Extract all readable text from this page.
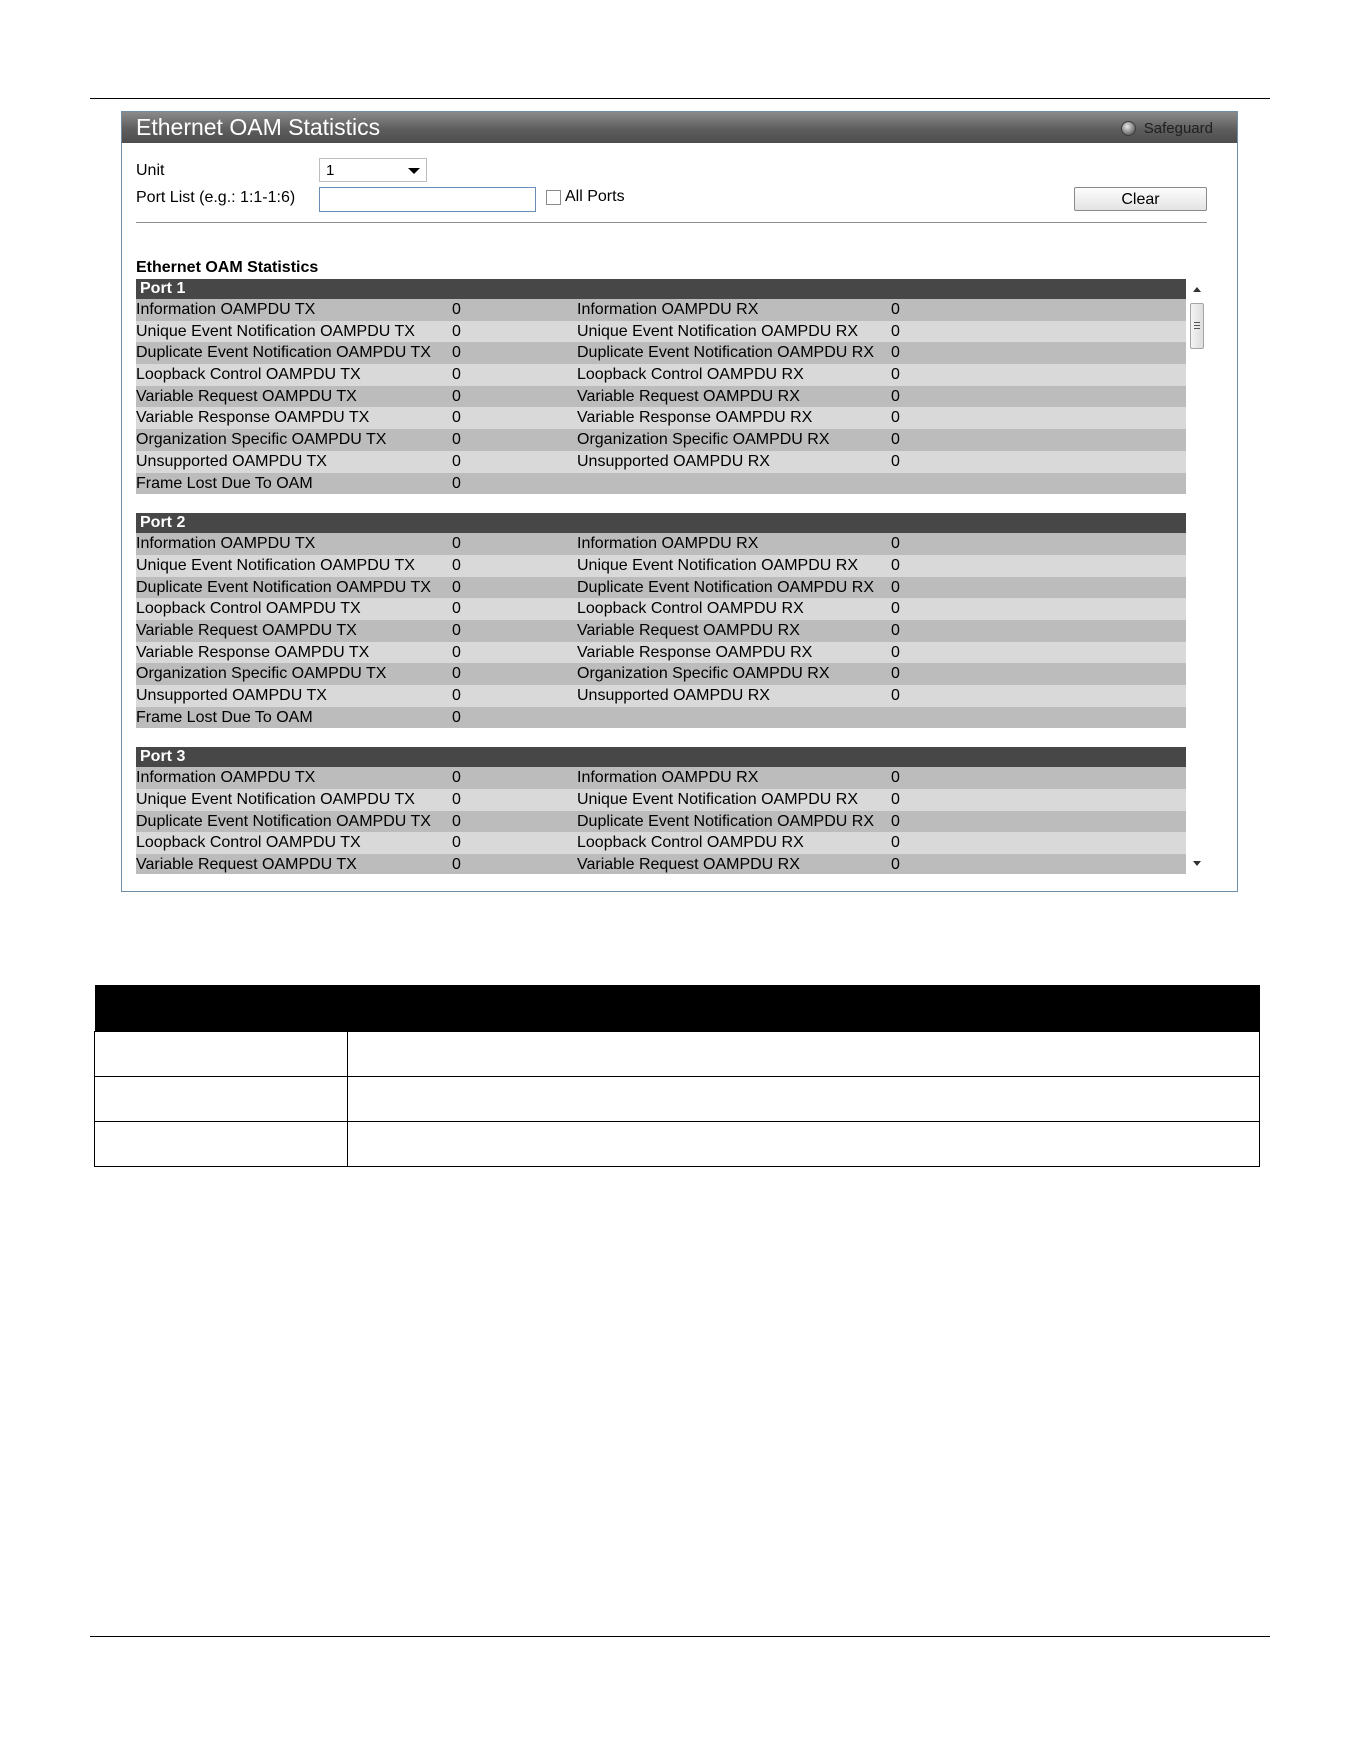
Ethernet OAM Statistics	Safeguard
Unit	1
Port List (e.g.: 1:1-1:6)	All Ports	Clear
Ethernet OAM Statistics
Port 1
Information OAMPDU TX	0	Information OAMPDU RX	0
Unique Event Notification OAMPDU TX 0	Unique Event Notification OAMPDU RX 0
Duplicate Event Notification OAMPDU TX 0	Duplicate Event Notification OAMPDU RX 0
Loopback Control OAMPDU TX	0	Loopback Control OAMPDU RX	0
Variable Request OAMPDU TX	0	Variable Request OAMPDU RX	0
Variable Response OAMPDU TX	0	Variable Response OAMPDU RX	0
Organization Specific OAMPDU TX	0	Organization Specific OAMPDU RX	0
Unsupported OAMPDU TX	0	Unsupported OAMPDU RX	0
Frame Lost Due To OAM	0
Port 2
Information OAMPDU TX	0	Information OAMPDU RX	0
Unique Event Notification OAMPDU TX 0	Unique Event Notification OAMPDU RX 0
Duplicate Event Notification OAMPDU TX 0	Duplicate Event Notification OAMPDU RX 0
Loopback Control OAMPDU TX	0	Loopback Control OAMPDU RX	0
Variable Request OAMPDU TX	0	Variable Request OAMPDU RX	0
Variable Response OAMPDU TX	0	Variable Response OAMPDU RX	0
Organization Specific OAMPDU TX	0	Organization Specific OAMPDU RX	0
Unsupported OAMPDU TX	0	Unsupported OAMPDU RX	0
Frame Lost Due To OAM	0
Port 3
Information OAMPDU TX	0	Information OAMPDU RX	0
Unique Event Notification OAMPDU TX 0	Unique Event Notification OAMPDU RX 0
Duplicate Event Notification OAMPDU TX 0	Duplicate Event Notification OAMPDU RX 0
Loopback Control OAMPDU TX	0	Loopback Control OAMPDU RX	0
Variable Request OAMPDU TX	0	Variable Request OAMPDU RX	0
